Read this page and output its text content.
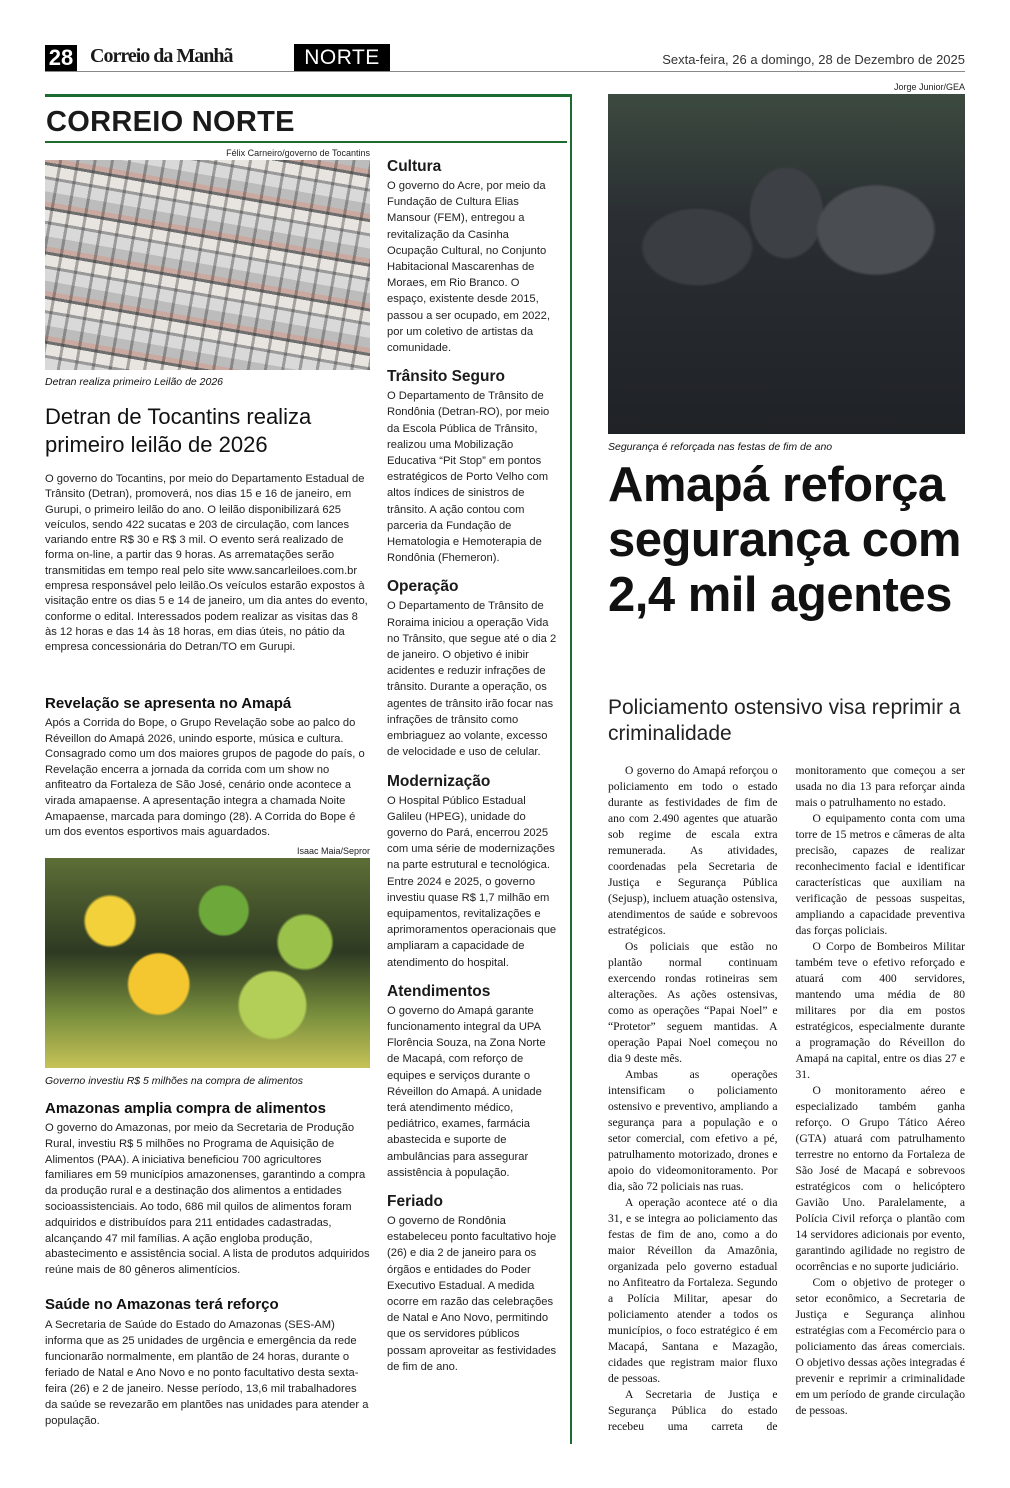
28 Correio da Manhã	NORTE	Sexta-feira, 26 a domingo, 28 de Dezembro de 2025
CORREIO NORTE
Félix Carneiro/governo de Tocantins
Detran realiza primeiro Leilão de 2026
Detran de Tocantins realiza primeiro leilão de 2026

O governo do Tocantins, por meio do Departamento Estadual de Trânsito (Detran), promoverá, nos dias 15 e 16 de janeiro, em Gurupi, o primeiro leilão do ano. O leilão disponibilizará 625 veículos, sendo 422 sucatas e 203 de circulação, com lances variando entre R$ 30 e R$ 3 mil. O evento será realizado de forma on-line, a partir das 9 horas. As arrematações serão transmitidas em tempo real pelo site www.sancarleiloes.com.br empresa responsável pelo leilão.Os veículos estarão expostos à visitação entre os dias 5 e 14 de janeiro, um dia antes do evento, conforme o edital. Interessados podem realizar as visitas das 8 às 12 horas e das 14 às 18 horas, em dias úteis, no pátio da empresa concessionária do Detran/TO em Gurupi.

Revelação se apresenta no Amapá

Após a Corrida do Bope, o Grupo Revelação sobe ao palco do Réveillon do Amapá 2026, unindo esporte, música e cultura. Consagrado como um dos maiores grupos de pagode do país, o Revelação encerra a jornada da corrida com um show no anfiteatro da Fortaleza de São José, cenário onde acontece a virada amapaense. A apresentação integra a chamada Noite Amapaense, marcada para domingo (28). A Corrida do Bope é um dos eventos esportivos mais aguardados.

Isaac Maia/Sepror
Governo investiu R$ 5 milhões na compra de alimentos
Amazonas amplia compra de alimentos

O governo do Amazonas, por meio da Secretaria de Produção Rural, investiu R$ 5 milhões no Programa de Aquisição de Alimentos (PAA). A iniciativa beneficiou 700 agricultores familiares em 59 municípios amazonenses, garantindo a compra da produção rural e a destinação dos alimentos a entidades socioassistenciais. Ao todo, 686 mil quilos de alimentos foram adquiridos e distribuídos para 211 entidades cadastradas, alcançando 47 mil famílias. A ação engloba produção, abastecimento e assistência social. A lista de produtos adquiridos reúne mais de 80 gêneros alimentícios.

Saúde no Amazonas terá reforço

A Secretaria de Saúde do Estado do Amazonas (SES-AM) informa que as 25 unidades de urgência e emergência da rede funcionarão normalmente, em plantão de 24 horas, durante o feriado de Natal e Ano Novo e no ponto facultativo desta sexta-feira (26) e 2 de janeiro. Nesse período, 13,6 mil trabalhadores da saúde se revezarão em plantões nas unidades para atender a população.

Cultura

O governo do Acre, por meio da Fundação de Cultura Elias Mansour (FEM), entregou a revitalização da Casinha Ocupação Cultural, no Conjunto Habitacional Mascarenhas de Moraes, em Rio Branco. O espaço, existente desde 2015, passou a ser ocupado, em 2022, por um coletivo de artistas da comunidade.

Trânsito Seguro

O Departamento de Trânsito de Rondônia (Detran-RO), por meio da Escola Pública de Trânsito, realizou uma Mobilização Educativa “Pit Stop” em pontos estratégicos de Porto Velho com altos índices de sinistros de trânsito. A ação contou com parceria da Fundação de Hematologia e Hemoterapia de Rondônia (Fhemeron).

Operação

O Departamento de Trânsito de Roraima iniciou a operação Vida no Trânsito, que segue até o dia 2 de janeiro. O objetivo é inibir acidentes e reduzir infrações de trânsito. Durante a operação, os agentes de trânsito irão focar nas infrações de trânsito como embriaguez ao volante, excesso de velocidade e uso de celular.

Modernização

O Hospital Público Estadual Galileu (HPEG), unidade do governo do Pará, encerrou 2025 com uma série de modernizações na parte estrutural e tecnológica. Entre 2024 e 2025, o governo investiu quase R$ 1,7 milhão em equipamentos, revitalizações e aprimoramentos operacionais que ampliaram a capacidade de atendimento do hospital.

Atendimentos

O governo do Amapá garante funcionamento integral da UPA Florência Souza, na Zona Norte de Macapá, com reforço de equipes e serviços durante o Réveillon do Amapá. A unidade terá atendimento médico, pediátrico, exames, farmácia abastecida e suporte de ambulâncias para assegurar assistência à população.

Feriado

O governo de Rondônia estabeleceu ponto facultativo hoje (26) e dia 2 de janeiro para os órgãos e entidades do Poder Executivo Estadual. A medida ocorre em razão das celebrações de Natal e Ano Novo, permitindo que os servidores públicos possam aproveitar as festividades de fim de ano.

Jorge Junior/GEA
Segurança é reforçada nas festas de fim de ano
Amapá reforça segurança com 2,4 mil agentes
Policiamento ostensivo visa reprimir a criminalidade

O governo do Amapá reforçou o policiamento em todo o estado durante as festividades de fim de ano com 2.490 agentes que atuarão sob regime de escala extra remunerada. As atividades, coordenadas pela Secretaria de Justiça e Segurança Pública (Sejusp), incluem atuação ostensiva, atendimentos de saúde e sobrevoos estratégicos.

Os policiais que estão no plantão normal continuam exercendo rondas rotineiras sem alterações. As ações ostensivas, como as operações “Papai Noel” e “Protetor” seguem mantidas. A operação Papai Noel começou no dia 9 deste mês.

Ambas as operações intensificam o policiamento ostensivo e preventivo, ampliando a segurança para a população e o setor comercial, com efetivo a pé, patrulhamento motorizado, drones e apoio do videomonitoramento. Por dia, são 72 policiais nas ruas.

A operação acontece até o dia 31, e se integra ao policiamento das festas de fim de ano, como a do maior Réveillon da Amazônia, organizada pelo governo estadual no Anfiteatro da Fortaleza. Segundo a Polícia Militar, apesar do policiamento atender a todos os municípios, o foco estratégico é em Macapá, Santana e Mazagão, cidades que registram maior fluxo de pessoas.

A Secretaria de Justiça e Segurança Pública do estado recebeu uma carreta de monitoramento que começou a ser usada no dia 13 para reforçar ainda mais o patrulhamento no estado.

O equipamento conta com uma torre de 15 metros e câmeras de alta precisão, capazes de realizar reconhecimento facial e identificar características que auxiliam na verificação de pessoas suspeitas, ampliando a capacidade preventiva das forças policiais.

O Corpo de Bombeiros Militar também teve o efetivo reforçado e atuará com 400 servidores, mantendo uma média de 80 militares por dia em postos estratégicos, especialmente durante a programação do Réveillon do Amapá na capital, entre os dias 27 e 31.

O monitoramento aéreo e especializado também ganha reforço. O Grupo Tático Aéreo (GTA) atuará com patrulhamento terrestre no entorno da Fortaleza de São José de Macapá e sobrevoos estratégicos com o helicóptero Gavião Uno. Paralelamente, a Polícia Civil reforça o plantão com 14 servidores adicionais por evento, garantindo agilidade no registro de ocorrências e no suporte judiciário.

Com o objetivo de proteger o setor econômico, a Secretaria de Justiça e Segurança alinhou estratégias com a Fecomércio para o policiamento das áreas comerciais. O objetivo dessas ações integradas é prevenir e reprimir a criminalidade em um período de grande circulação de pessoas.
